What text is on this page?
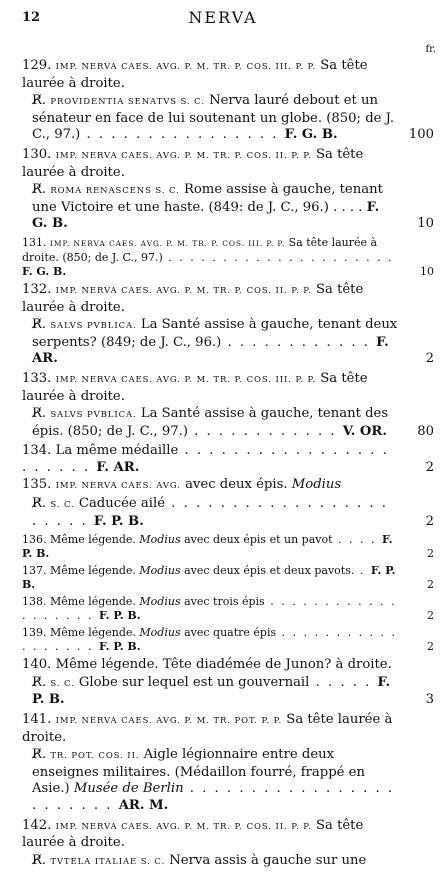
12	NERVA
fr.
129. IMP. NERVA CAES. AVG. P. M. TR. P. COS. III. P. P. Sa tête laurée à droite.
R̸. PROVIDENTIA SENATVS S. C. Nerva lauré debout et un sénateur en face de lui soutenant un globe. (850; de J. C., 97.) . . . . . . . . . . . . . . . . F. G. B.	100
130. IMP. NERVA CAES. AVG. P. M. TR. P. COS. II. P. P. Sa tête laurée à droite.
R̸. ROMA RENASCENS S. C. Rome assise à gauche, tenant une Victoire et une haste. (849: de J. C., 96.) . . . . F. G. B.	10
131. IMP. NERVA CAES. AVG. P. M. TR. P. COS. III. P. P. Sa tête laurée à droite. (850; de J. C., 97.) . . . . . . . . . . . . . . . . . . . . . F. G. B.	10
132. IMP. NERVA CAES. AVG. P. M. TR. P. COS. II. P. P. Sa tête laurée à droite.
R̸. SALVS PVBLICA. La Santé assise à gauche, tenant deux serpents? (849; de J. C., 96.) . . . . . . . . . . . . F. AR.	2
133. IMP. NERVA CAES. AVG. P. M. TR. P. COS. III. P. P. Sa tête laurée à droite.
R̸. SALVS PVBLICA. La Santé assise à gauche, tenant des épis. (850; de J. C., 97.) . . . . . . . . . . . . V. OR.	80
134. La même médaille . . . . . . . . . . . . . . . . . . . . . . . F. AR.	2
135. IMP. NERVA CAES. AVG. avec deux épis. Modius
R̸. S. C. Caducée ailé . . . . . . . . . . . . . . . . . . . . . . . F. P. B.	2
136. Même légende. Modius avec deux épis et un pavot . . . . F. P. B.	2
137. Même légende. Modius avec deux épis et deux pavots. . F. P. B.	2
138. Même légende. Modius avec trois épis . . . . . . . . . . . . . . . . . . . F. P. B.	2
139. Même légende. Modius avec quatre épis . . . . . . . . . . . . . . . . . . F. P. B.	2
140. Même légende. Tête diadémée de Junon? à droite.
R̸. S. C. Globe sur lequel est un gouvernail . . . . . F. P. B.	3
141. IMP. NERVA CAES. AVG. P. M. TR. POT. P. P. Sa tête laurée à droite.
R̸. TR. POT. COS. II. Aigle légionnaire entre deux enseignes militaires. (Médaillon fourré, frappé en Asie.) Musée de Berlin . . . . . . . . . . . . . . . . . . . . . . . . AR. M.
142. IMP. NERVA CAES. AVG. P. M. TR. P. COS. II. P. P. Sa tête laurée à droite.
R̸. TVTELA ITALIAE S. C. Nerva assis à gauche sur une
